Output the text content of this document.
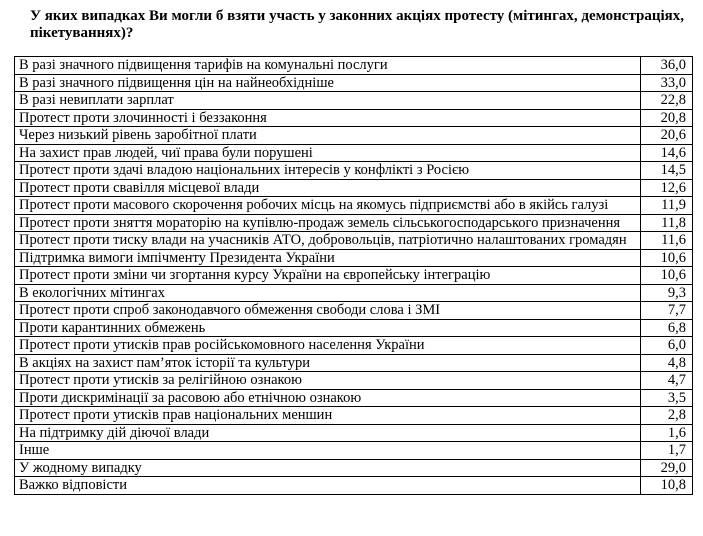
У яких випадках Ви могли б взяти участь у законних акціях протесту (мітингах, демонстраціях, пікетуваннях)?

В разі значного підвищення тарифів на комунальні послуги	36,0
В разі значного підвищення цін на найнеобхідніше	33,0
В разі невиплати зарплат	22,8
Протест проти злочинності і беззаконня	20,8
Через низький рівень заробітної плати	20,6
На захист прав людей, чиї права були порушені	14,6
Протест проти здачі владою національних інтересів у конфлікті з Росією	14,5
Протест проти свавілля місцевої влади	12,6
Протест проти масового скорочення робочих місць на якомусь підприємстві або в якійсь галузі	11,9
Протест проти зняття мораторію на купівлю-продаж земель сільськогосподарського призначення	11,8
Протест проти тиску влади на учасників АТО, добровольців, патріотично налаштованих громадян	11,6
Підтримка вимоги імпічменту Президента України	10,6
Протест проти зміни чи згортання курсу України на європейську інтеграцію	10,6
В екологічних мітингах	9,3
Протест проти спроб законодавчого обмеження свободи слова і ЗМІ	7,7
Проти карантинних обмежень	6,8
Протест проти утисків прав російськомовного населення України	6,0
В акціях на захист пам’яток історії та культури	4,8
Протест проти утисків за релігійною ознакою	4,7
Проти дискримінації за расовою або етнічною ознакою	3,5
Протест проти утисків прав національних меншин	2,8
На підтримку дій діючої влади	1,6
Інше	1,7
У жодному випадку	29,0
Важко відповісти	10,8
